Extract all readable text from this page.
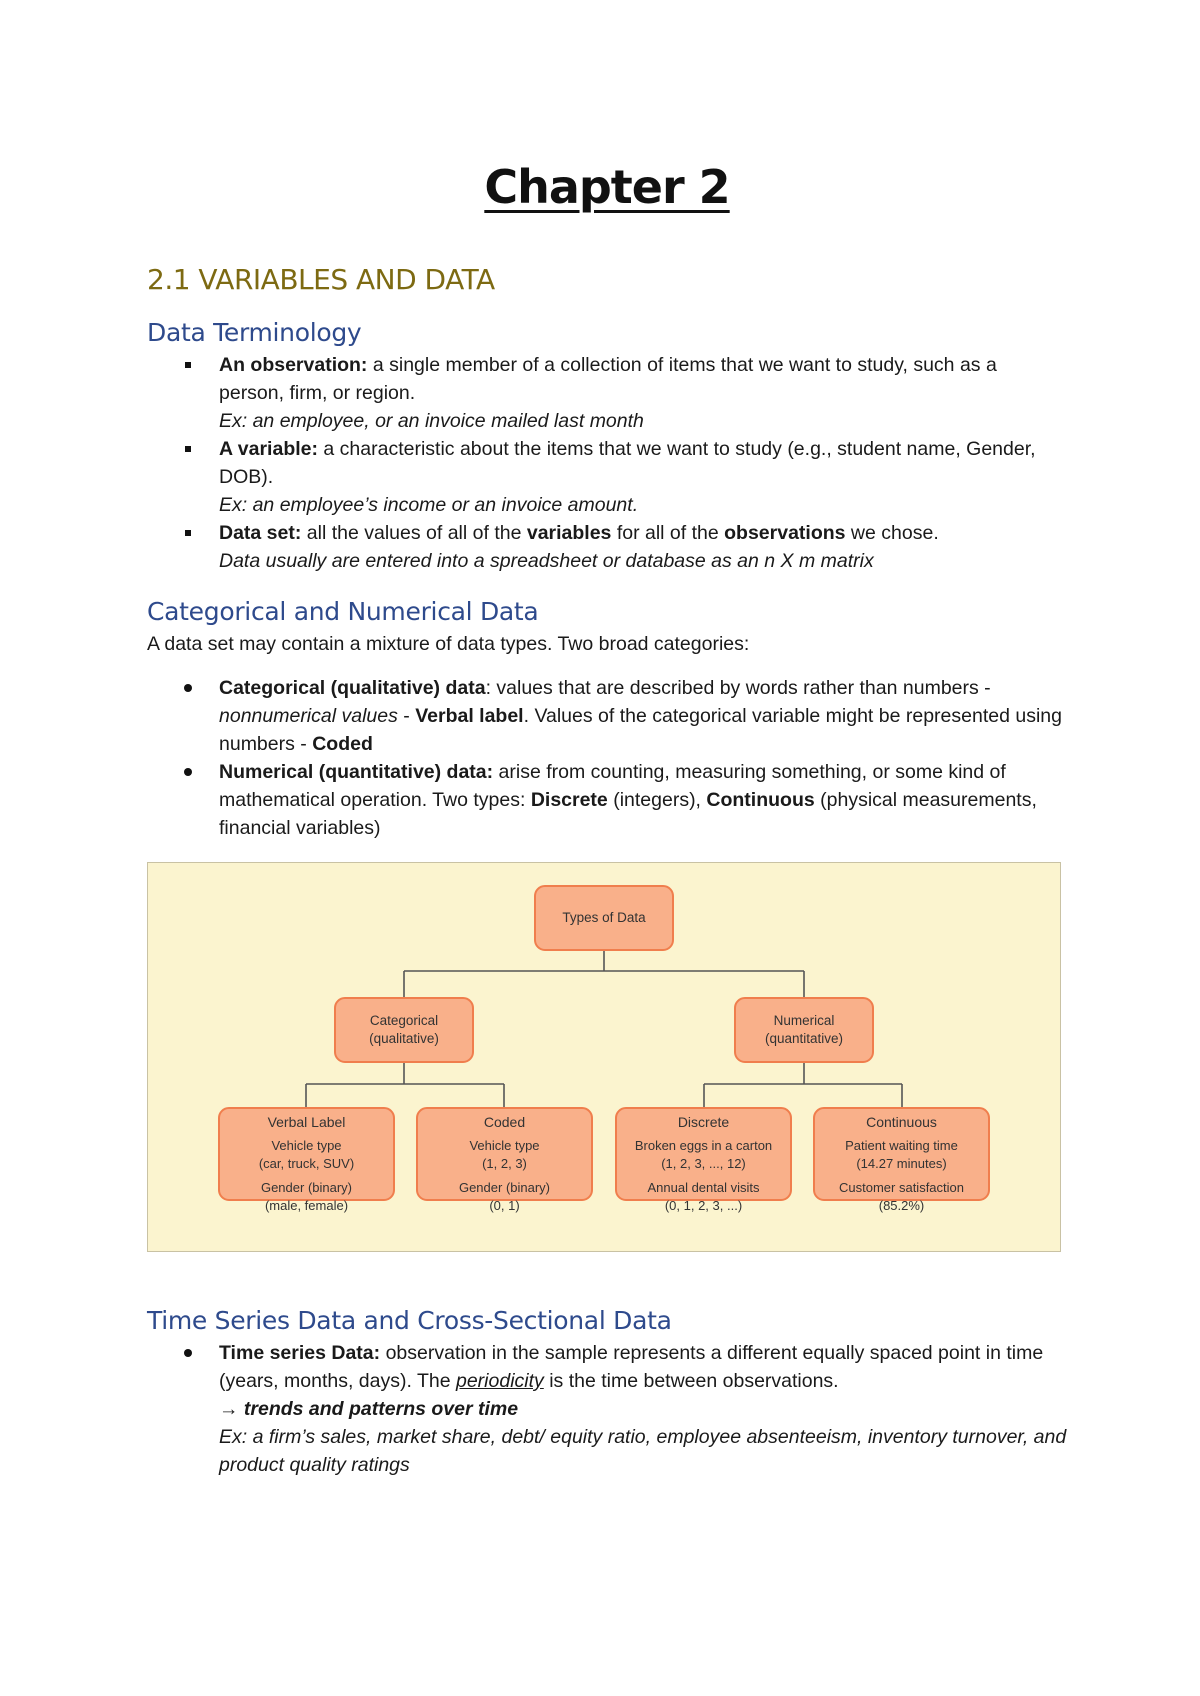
Chapter 2
2.1 VARIABLES AND DATA
Data Terminology
An observation: a single member of a collection of items that we want to study, such as a person, firm, or region.
Ex: an employee, or an invoice mailed last month
A variable: a characteristic about the items that we want to study (e.g., student name, Gender, DOB).
Ex: an employee’s income or an invoice amount.
Data set: all the values of all of the variables for all of the observations we chose.
Data usually are entered into a spreadsheet or database as an n X m matrix
Categorical and Numerical Data
A data set may contain a mixture of data types. Two broad categories:
Categorical (qualitative) data: values that are described by words rather than numbers - nonnumerical values - Verbal label. Values of the categorical variable might be represented using numbers - Coded
Numerical (quantitative) data: arise from counting, measuring something, or some kind of mathematical operation. Two types: Discrete (integers), Continuous (physical measurements, financial variables)
Types of Data
Categorical
(qualitative)
Numerical
(quantitative)
Verbal Label
Vehicle type
(car, truck, SUV)
Gender (binary)
(male, female)
Coded
Vehicle type
(1, 2, 3)
Gender (binary)
(0, 1)
Discrete
Broken eggs in a carton
(1, 2, 3, ..., 12)
Annual dental visits
(0, 1, 2, 3, ...)
Continuous
Patient waiting time
(14.27 minutes)
Customer satisfaction
(85.2%)
Time Series Data and Cross-Sectional Data
Time series Data: observation in the sample represents a different equally spaced point in time (years, months, days). The periodicity is the time between observations.
→ trends and patterns over time
Ex: a firm’s sales, market share, debt/ equity ratio, employee absenteeism, inventory turnover, and product quality ratings
